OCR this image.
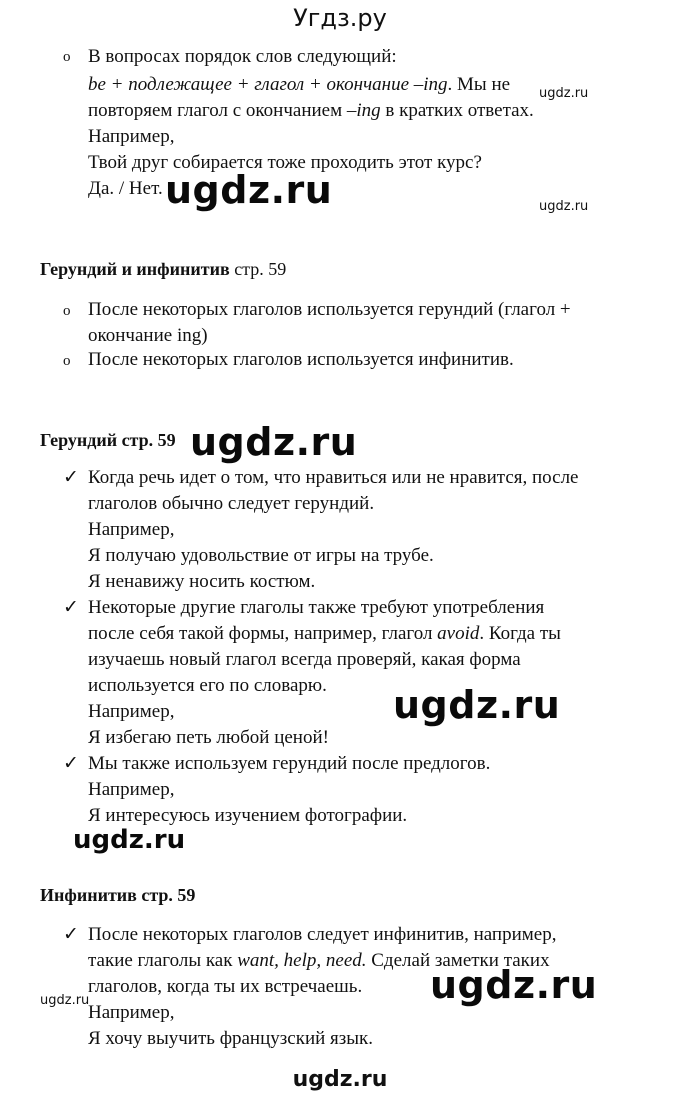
Угдз.ру
o В вопросах порядок слов следующий:
be + подлежащее + глагол + окончание –ing. Мы не
повторяем глагол с окончанием –ing в кратких ответах.
Например,
Твой друг собирается тоже проходить этот курс?
Да. / Нет.
Герундий и инфинитив стр. 59
o После некоторых глаголов используется герундий (глагол +
окончание ing)
o После некоторых глаголов используется инфинитив.
Герундий стр. 59
✓ Когда речь идет о том, что нравиться или не нравится, после
глаголов обычно следует герундий.
Например,
Я получаю удовольствие от игры на трубе.
Я ненавижу носить костюм.
✓ Некоторые другие глаголы также требуют употребления
после себя такой формы, например, глагол avoid. Когда ты
изучаешь новый глагол всегда проверяй, какая форма
используется его по словарю.
Например,
Я избегаю петь любой ценой!
✓ Мы также используем герундий после предлогов.
Например,
Я интересуюсь изучением фотографии.
Инфинитив стр. 59
✓ После некоторых глаголов следует инфинитив, например,
такие глаголы как want, help, need. Сделай заметки таких
глаголов, когда ты их встречаешь.
Например,
Я хочу выучить французский язык.
ugdz.ru
ugdz.ru
ugdz.ru
ugdz.ru
ugdz.ru
ugdz.ru
ugdz.ru
ugdz.ru
ugdz.ru
